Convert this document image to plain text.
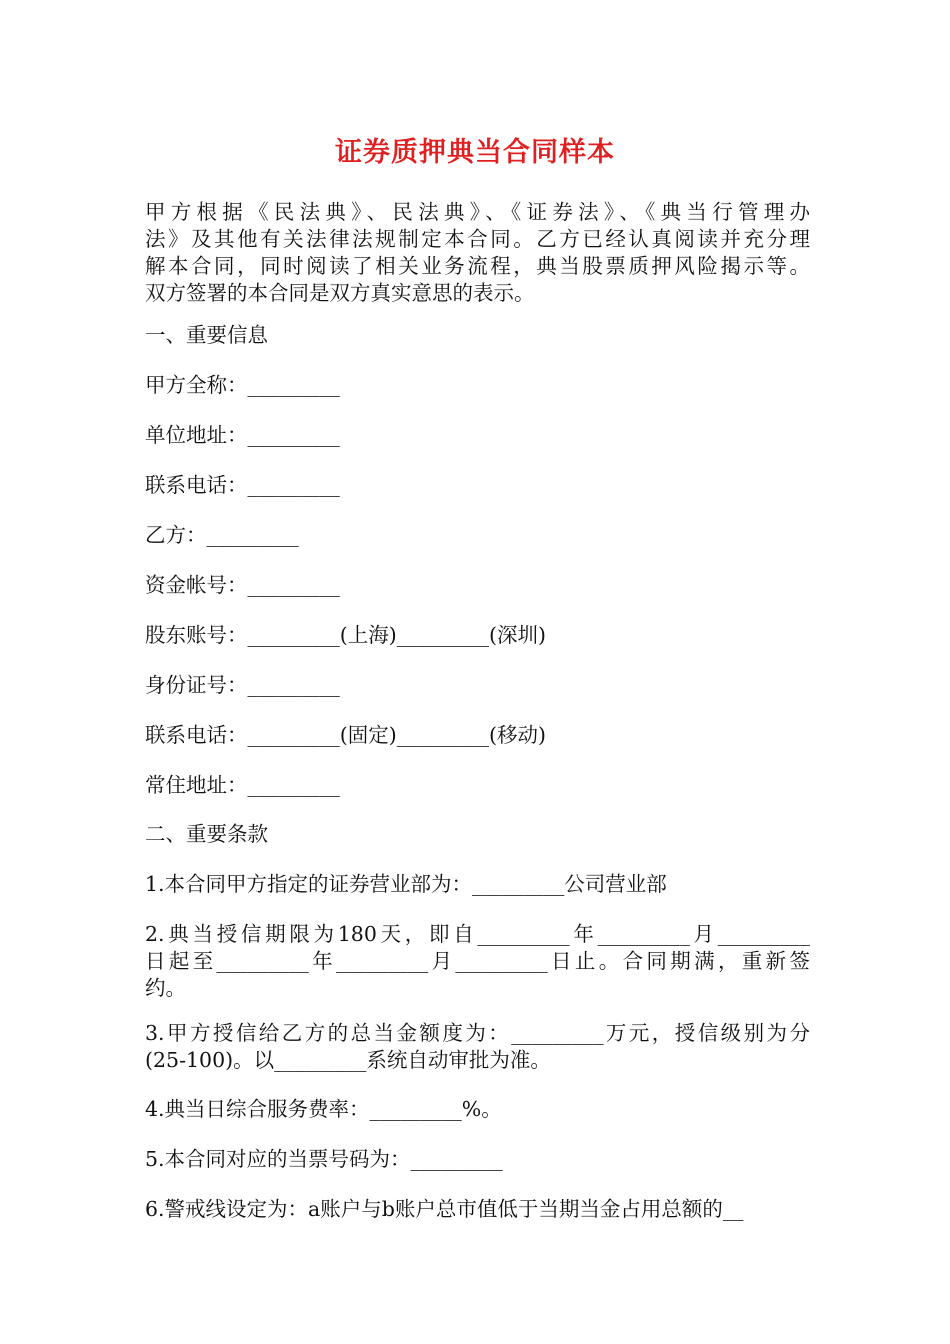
证券质押典当合同样本
甲方根据《民法典》、民法典》、《证券法》、《典当行管理办
法》及其他有关法律法规制定本合同。乙方已经认真阅读并充分理
解本合同，同时阅读了相关业务流程，典当股票质押风险揭示等。
双方签署的本合同是双方真实意思的表示。
一、重要信息
甲方全称：_________
单位地址：_________
联系电话：_________
乙方：_________
资金帐号：_________
股东账号：_________(上海)_________(深圳)
身份证号：_________
联系电话：_________(固定)_________(移动)
常住地址：_________
二、重要条款
1.本合同甲方指定的证券营业部为：_________公司营业部
2.典当授信期限为180天，即自_________年_________月_________
日起至_________年_________月_________日止。合同期满，重新签
约。
3.甲方授信给乙方的总当金额度为：_________万元，授信级别为分
(25-100)。以_________系统自动审批为准。
4.典当日综合服务费率：_________%。
5.本合同对应的当票号码为：_________
6.警戒线设定为：a账户与b账户总市值低于当期当金占用总额的__
